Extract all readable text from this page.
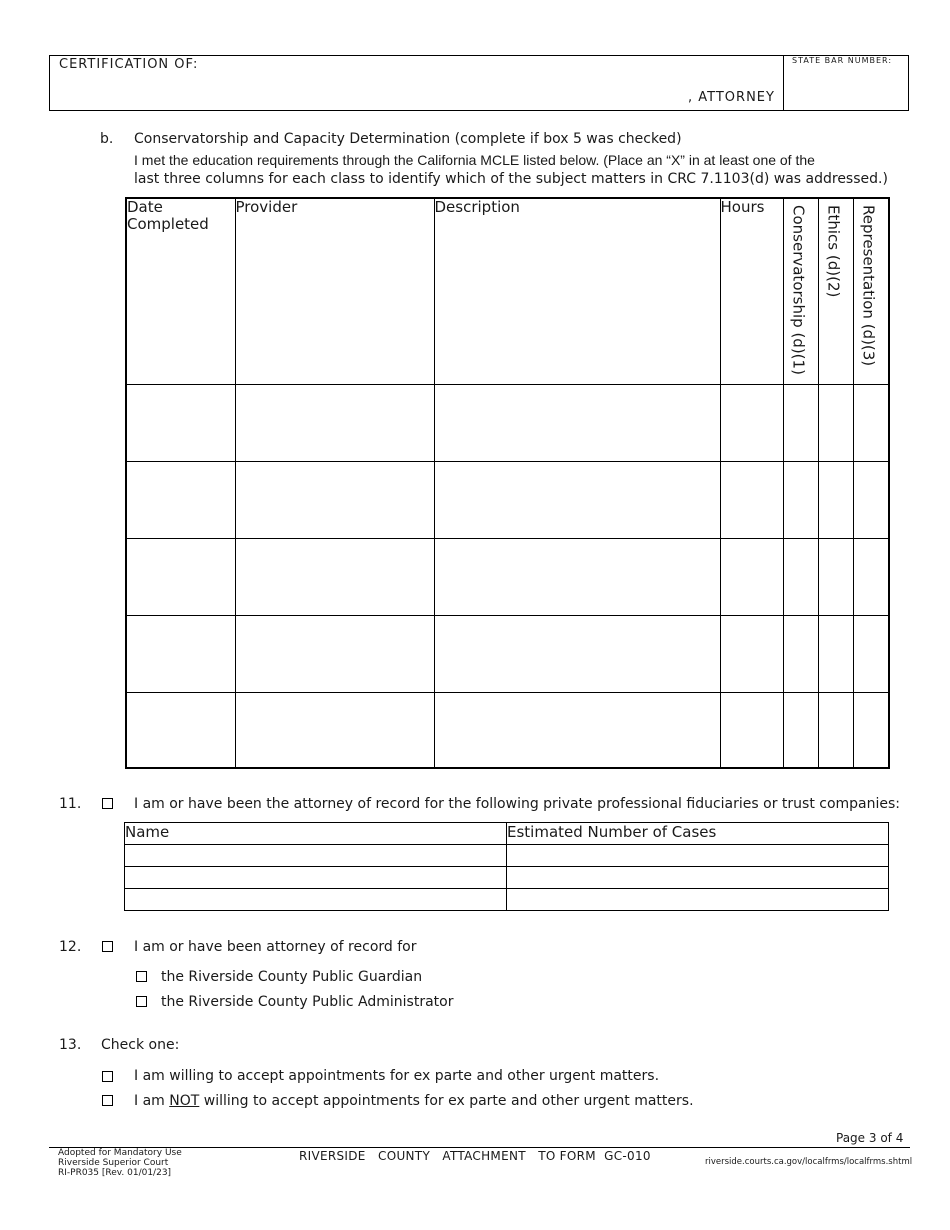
CERTIFICATION OF:
, ATTORNEY
STATE BAR NUMBER:
b. Conservatorship and Capacity Determination (complete if box 5 was checked)
I met the education requirements through the California MCLE listed below. (Place an “X” in at least one of the
last three columns for each class to identify which of the subject matters in CRC 7.1103(d) was addressed.)
Date Completed	Provider	Description	Hours	Conservatorship (d)(1)	Ethics (d)(2)	Representation (d)(3)

11.	I am or have been the attorney of record for the following private professional fiduciaries or trust companies:
Name	Estimated Number of Cases

12.	I am or have been attorney of record for
the Riverside County Public Guardian
the Riverside County Public Administrator
13. Check one:
I am willing to accept appointments for ex parte and other urgent matters.
I am NOT willing to accept appointments for ex parte and other urgent matters.
Page 3 of 4
Adopted for Mandatory Use
Riverside Superior Court
RI-PR035 [Rev. 01/01/23]
RIVERSIDE   COUNTY   ATTACHMENT   TO FORM  GC-010	riverside.courts.ca.gov/localfrms/localfrms.shtml
